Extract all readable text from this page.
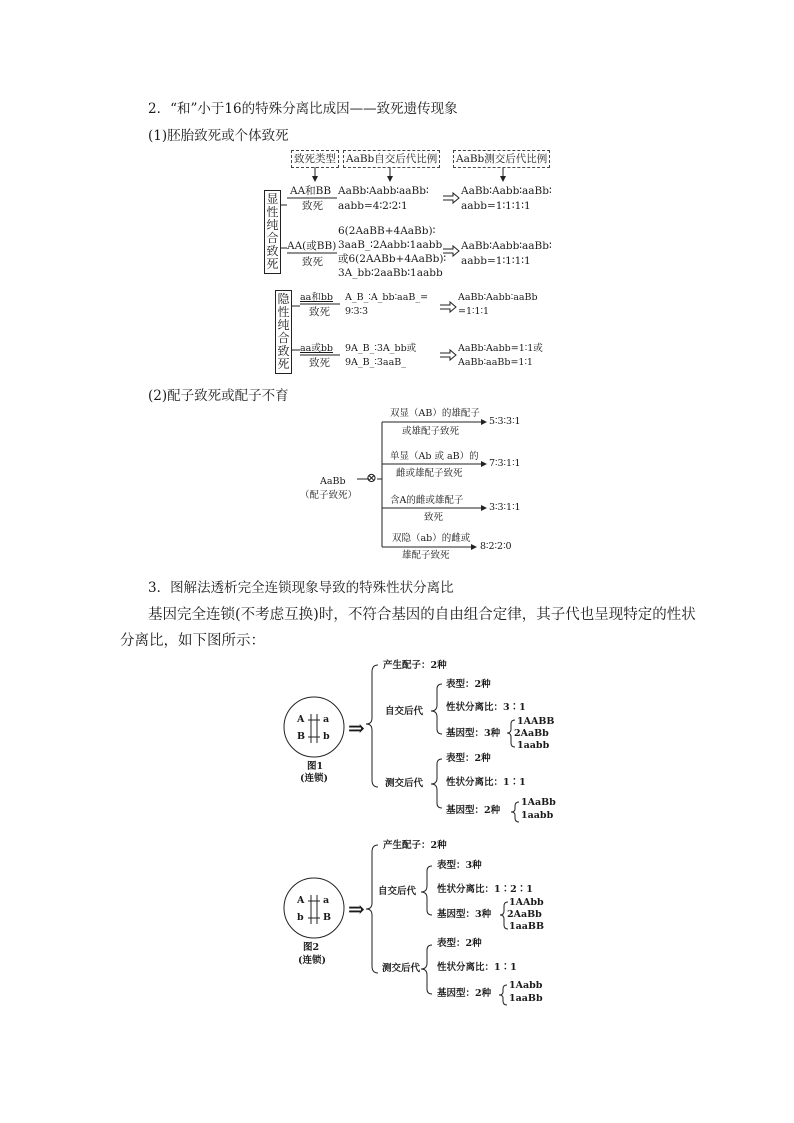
2．“和”小于16的特殊分离比成因——致死遗传现象
(1)胚胎致死或个体致死
致死类型 AaBb自交后代比例 AaBb测交后代比例
显性纯合致死
隐性纯合致死
AA和BB
致死
AaBb∶Aabb∶aaBb∶
aabb=4∶2∶2∶1
AaBb∶Aabb∶aaBb∶
aabb=1∶1∶1∶1
AA(或BB)
致死
6(2AaBB+4AaBb)∶
3aaB_∶2Aabb∶1aabb
或6(2AABb+4AaBb)∶
3A_bb∶2aaBb∶1aabb
AaBb∶Aabb∶aaBb∶
aabb=1∶1∶1∶1
aa和bb
致死
A_B_∶A_bb∶aaB_=
9∶3∶3
AaBb∶Aabb∶aaBb
=1∶1∶1
aa或bb
致死
9A_B_∶3A_bb或
9A_B_∶3aaB_
AaBb∶Aabb=1∶1或
AaBb∶aaBb=1∶1
(2)配子致死或配子不育
AaBb
（配子致死）
⊗
双显（AB）的雄配子
或雄配子致死
5∶3∶3∶1
单显（Ab 或 aB）的
雌或雄配子致死
7∶3∶1∶1
含A的雌或雄配子
致死
3∶3∶1∶1
双隐（ab）的雌或
雄配子致死
8∶2∶2∶0
3．图解法透析完全连锁现象导致的特殊性状分离比
基因完全连锁(不考虑互换)时，不符合基因的自由组合定律，其子代也呈现特定的性状
分离比，如下图所示：
A a
B b
图1
(连锁)
⇒
产生配子：2种
自交后代
表型：2种
性状分离比：3∶1
基因型：3种
1AABB
2AaBb
1aabb
测交后代
表型：2种
性状分离比：1∶1
基因型：2种
1AaBb
1aabb
A a
b B
图2
(连锁)
⇒
产生配子：2种
自交后代
表型：3种
性状分离比：1∶2∶1
基因型：3种
1AAbb
2AaBb
1aaBB
测交后代
表型：2种
性状分离比：1∶1
基因型：2种
1Aabb
1aaBb
